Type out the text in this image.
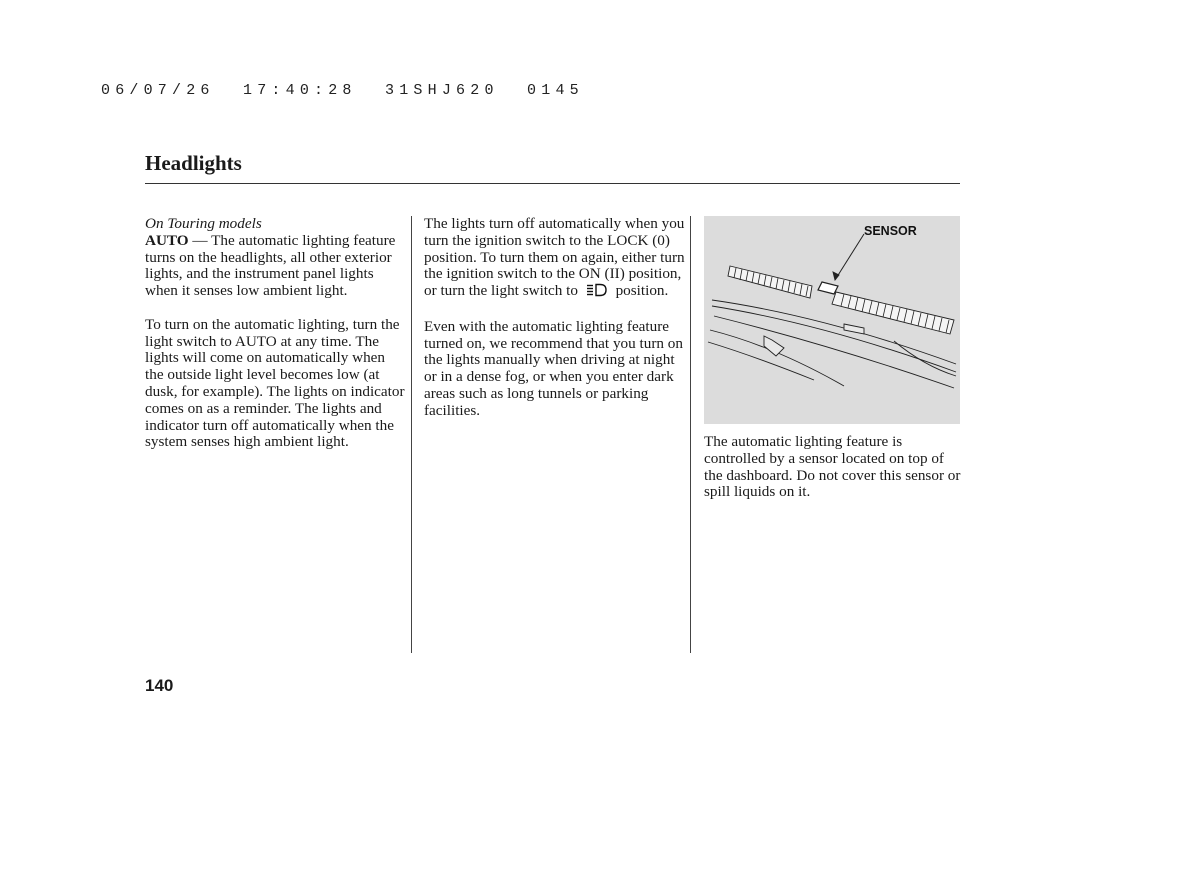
06/07/26  17:40:28  31SHJ620  0145
Headlights
On Touring models

AUTO — The automatic lighting feature turns on the headlights, all other exterior lights, and the instrument panel lights when it senses low ambient light.

To turn on the automatic lighting, turn the light switch to AUTO at any time. The lights will come on automatically when the outside light level becomes low (at dusk, for example). The lights on indicator comes on as a reminder. The lights and indicator turn off automatically when the system senses high ambient light.

The lights turn off automatically when you turn the ignition switch to the LOCK (0) position. To turn them on again, either turn the ignition switch to the ON (II) position, or turn the light switch to position.

Even with the automatic lighting feature turned on, we recommend that you turn on the lights manually when driving at night or in a dense fog, or when you enter dark areas such as long tunnels or parking facilities.

SENSOR

The automatic lighting feature is controlled by a sensor located on top of the dashboard. Do not cover this sensor or spill liquids on it.

140
